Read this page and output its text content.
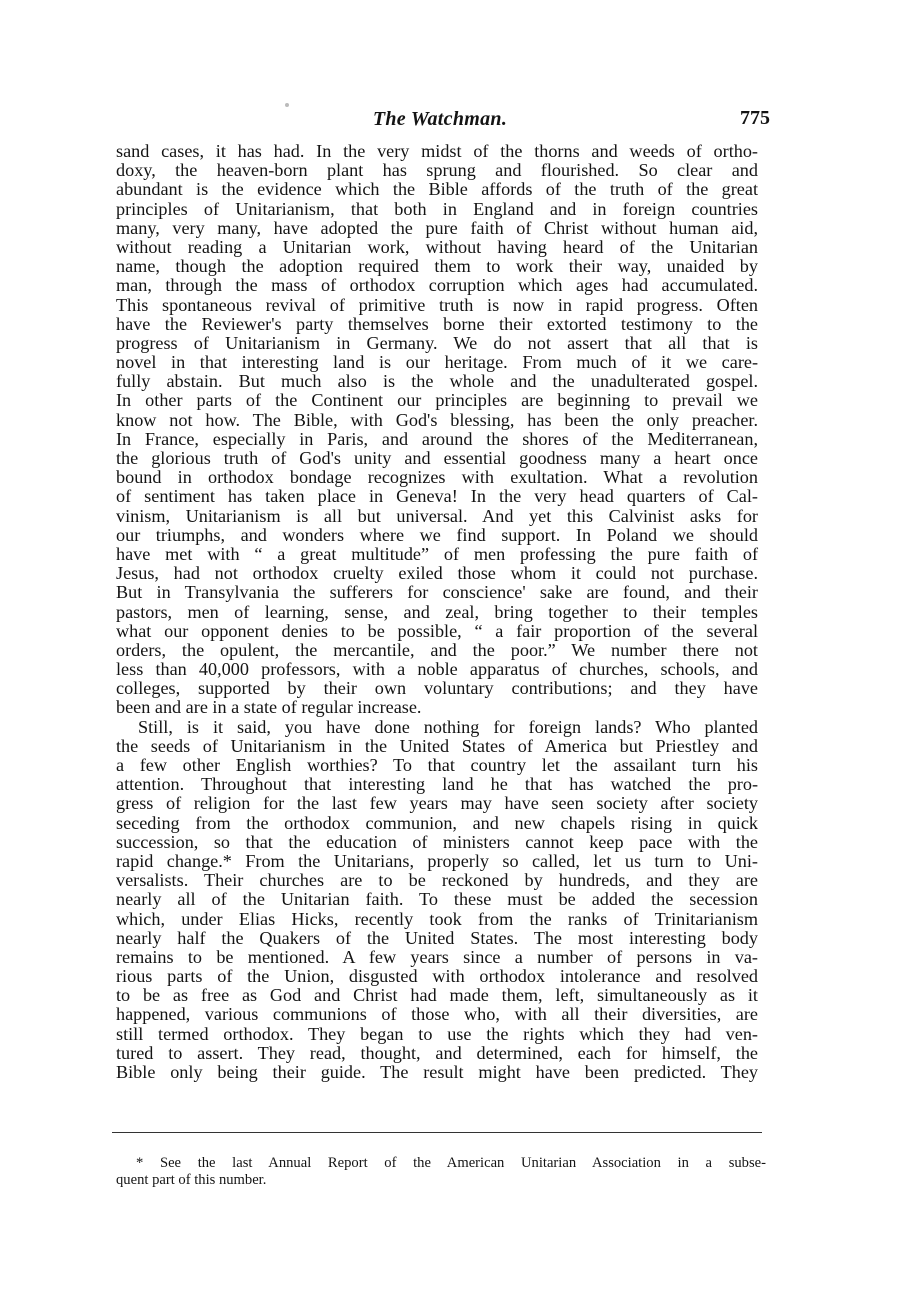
The Watchman.	775
sand cases, it has had. In the very midst of the thorns and weeds of ortho-
doxy, the heaven-born plant has sprung and flourished. So clear and
abundant is the evidence which the Bible affords of the truth of the great
principles of Unitarianism, that both in England and in foreign countries
many, very many, have adopted the pure faith of Christ without human aid,
without reading a Unitarian work, without having heard of the Unitarian
name, though the adoption required them to work their way, unaided by
man, through the mass of orthodox corruption which ages had accumulated.
This spontaneous revival of primitive truth is now in rapid progress. Often
have the Reviewer's party themselves borne their extorted testimony to the
progress of Unitarianism in Germany. We do not assert that all that is
novel in that interesting land is our heritage. From much of it we care-
fully abstain. But much also is the whole and the unadulterated gospel.
In other parts of the Continent our principles are beginning to prevail we
know not how. The Bible, with God's blessing, has been the only preacher.
In France, especially in Paris, and around the shores of the Mediterranean,
the glorious truth of God's unity and essential goodness many a heart once
bound in orthodox bondage recognizes with exultation. What a revolution
of sentiment has taken place in Geneva! In the very head quarters of Cal-
vinism, Unitarianism is all but universal. And yet this Calvinist asks for
our triumphs, and wonders where we find support. In Poland we should
have met with “ a great multitude” of men professing the pure faith of
Jesus, had not orthodox cruelty exiled those whom it could not purchase.
But in Transylvania the sufferers for conscience' sake are found, and their
pastors, men of learning, sense, and zeal, bring together to their temples
what our opponent denies to be possible, “ a fair proportion of the several
orders, the opulent, the mercantile, and the poor.” We number there not
less than 40,000 professors, with a noble apparatus of churches, schools, and
colleges, supported by their own voluntary contributions; and they have
been and are in a state of regular increase.
Still, is it said, you have done nothing for foreign lands? Who planted
the seeds of Unitarianism in the United States of America but Priestley and
a few other English worthies? To that country let the assailant turn his
attention. Throughout that interesting land he that has watched the pro-
gress of religion for the last few years may have seen society after society
seceding from the orthodox communion, and new chapels rising in quick
succession, so that the education of ministers cannot keep pace with the
rapid change.* From the Unitarians, properly so called, let us turn to Uni-
versalists. Their churches are to be reckoned by hundreds, and they are
nearly all of the Unitarian faith. To these must be added the secession
which, under Elias Hicks, recently took from the ranks of Trinitarianism
nearly half the Quakers of the United States. The most interesting body
remains to be mentioned. A few years since a number of persons in va-
rious parts of the Union, disgusted with orthodox intolerance and resolved
to be as free as God and Christ had made them, left, simultaneously as it
happened, various communions of those who, with all their diversities, are
still termed orthodox. They began to use the rights which they had ven-
tured to assert. They read, thought, and determined, each for himself, the
Bible only being their guide. The result might have been predicted. They
* See the last Annual Report of the American Unitarian Association in a subse-
quent part of this number.
